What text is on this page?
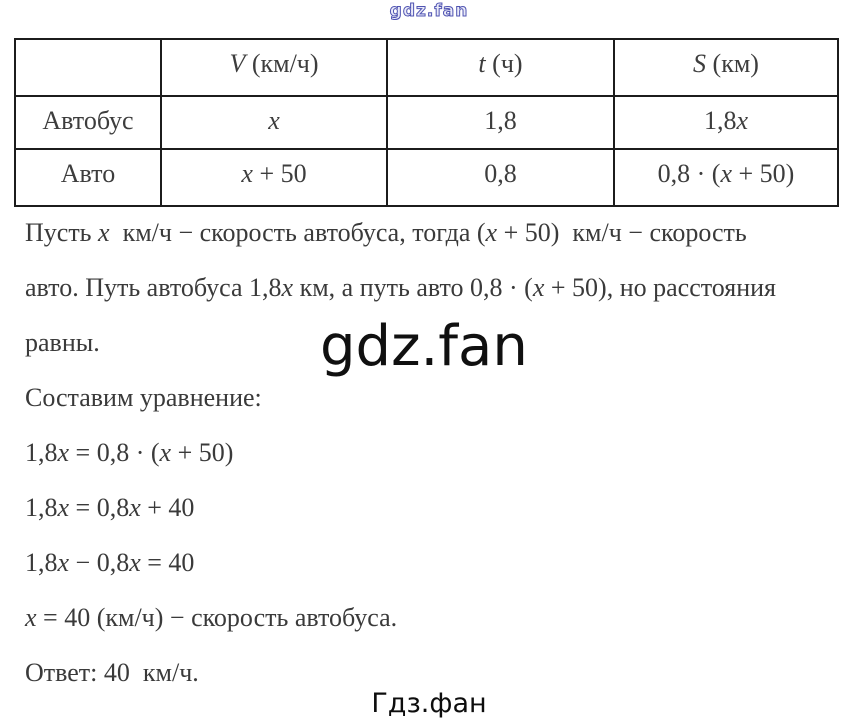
gdz.fan
	V (км/ч)	t (ч)	S (км)
Автобус	x	1,8	1,8x
Авто	x + 50	0,8	0,8 · (x + 50)
Пусть x  км/ч − скорость автобуса, тогда (x + 50)  км/ч − скорость
авто. Путь автобуса 1,8x км, а путь авто 0,8 · (x + 50), но расстояния
равны.
Составим уравнение:
1,8x = 0,8 · (x + 50)
1,8x = 0,8x + 40
1,8x − 0,8x = 40
x = 40 (км/ч) − скорость автобуса.
Ответ: 40  км/ч.
gdz.fan
Гдз.фан
